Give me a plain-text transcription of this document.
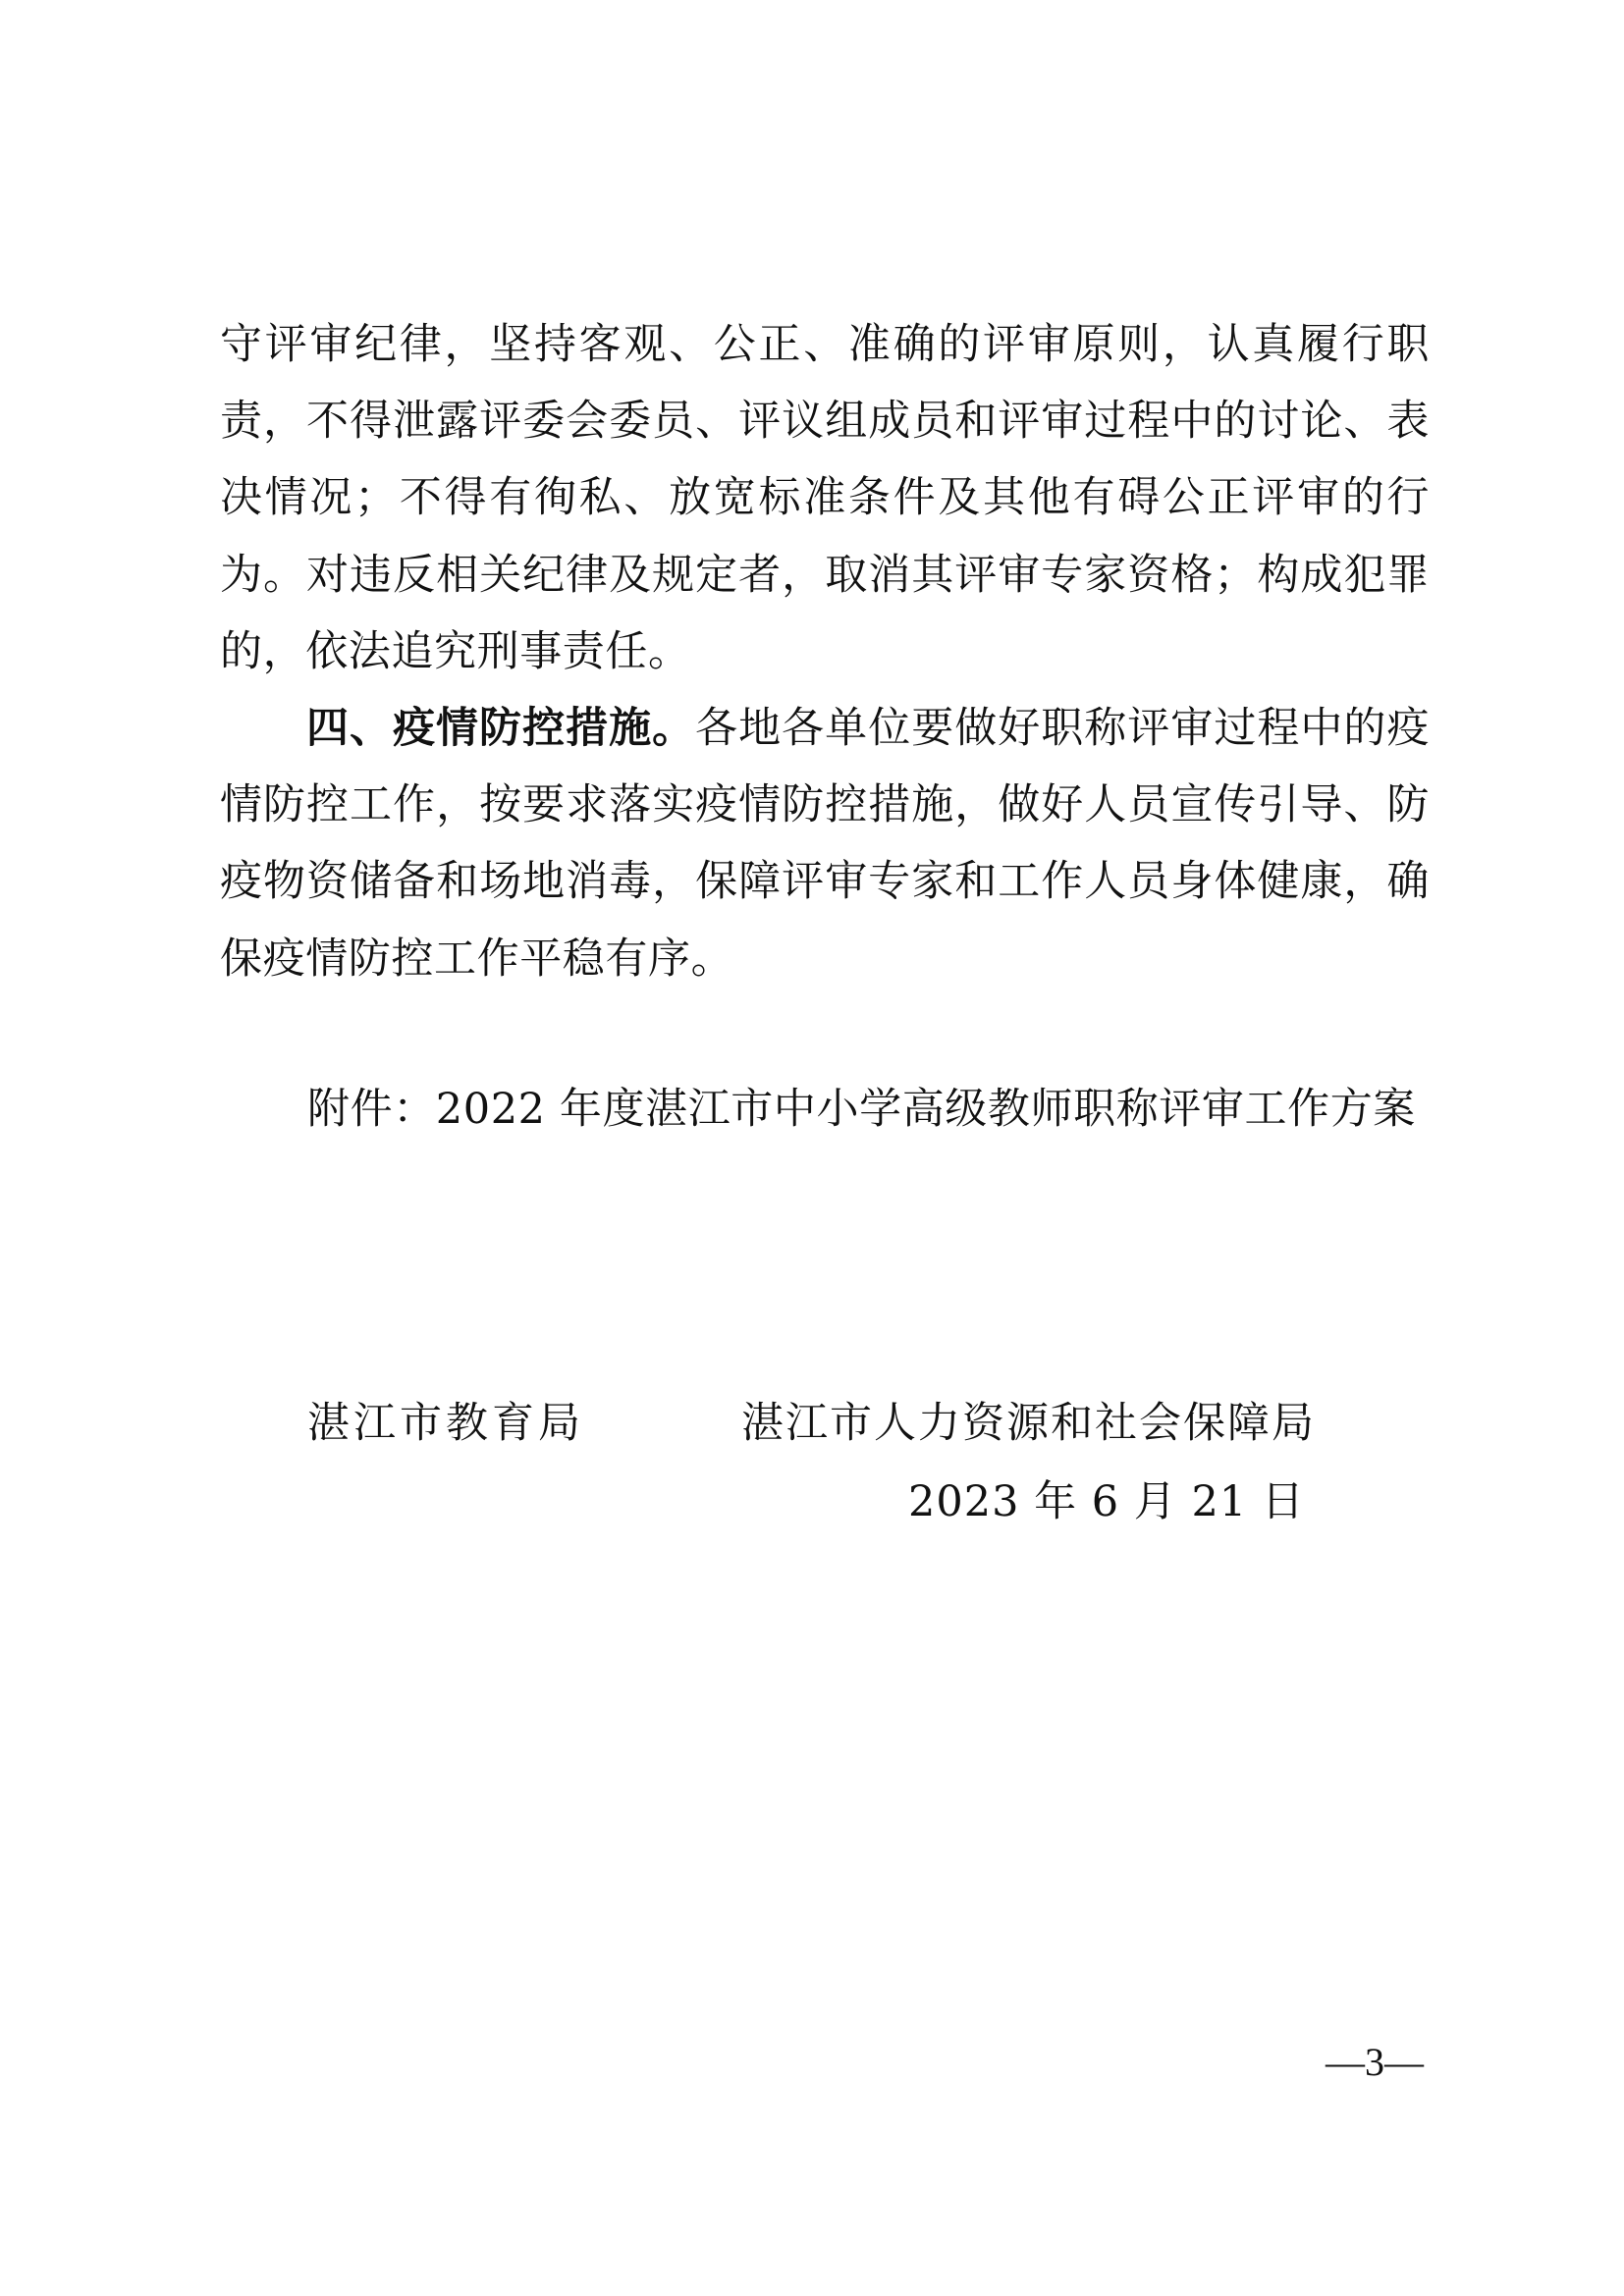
守评审纪律，坚持客观、公正、准确的评审原则，认真履行职责，不得泄露评委会委员、评议组成员和评审过程中的讨论、表决情况；不得有徇私、放宽标准条件及其他有碍公正评审的行为。对违反相关纪律及规定者，取消其评审专家资格；构成犯罪的，依法追究刑事责任。

四、疫情防控措施。各地各单位要做好职称评审过程中的疫情防控工作，按要求落实疫情防控措施，做好人员宣传引导、防疫物资储备和场地消毒，保障评审专家和工作人员身体健康，确保疫情防控工作平稳有序。

附件：2022 年度湛江市中小学高级教师职称评审工作方案
湛江市教育局	湛江市人力资源和社会保障局
2023 年 6 月 21 日
—3—
